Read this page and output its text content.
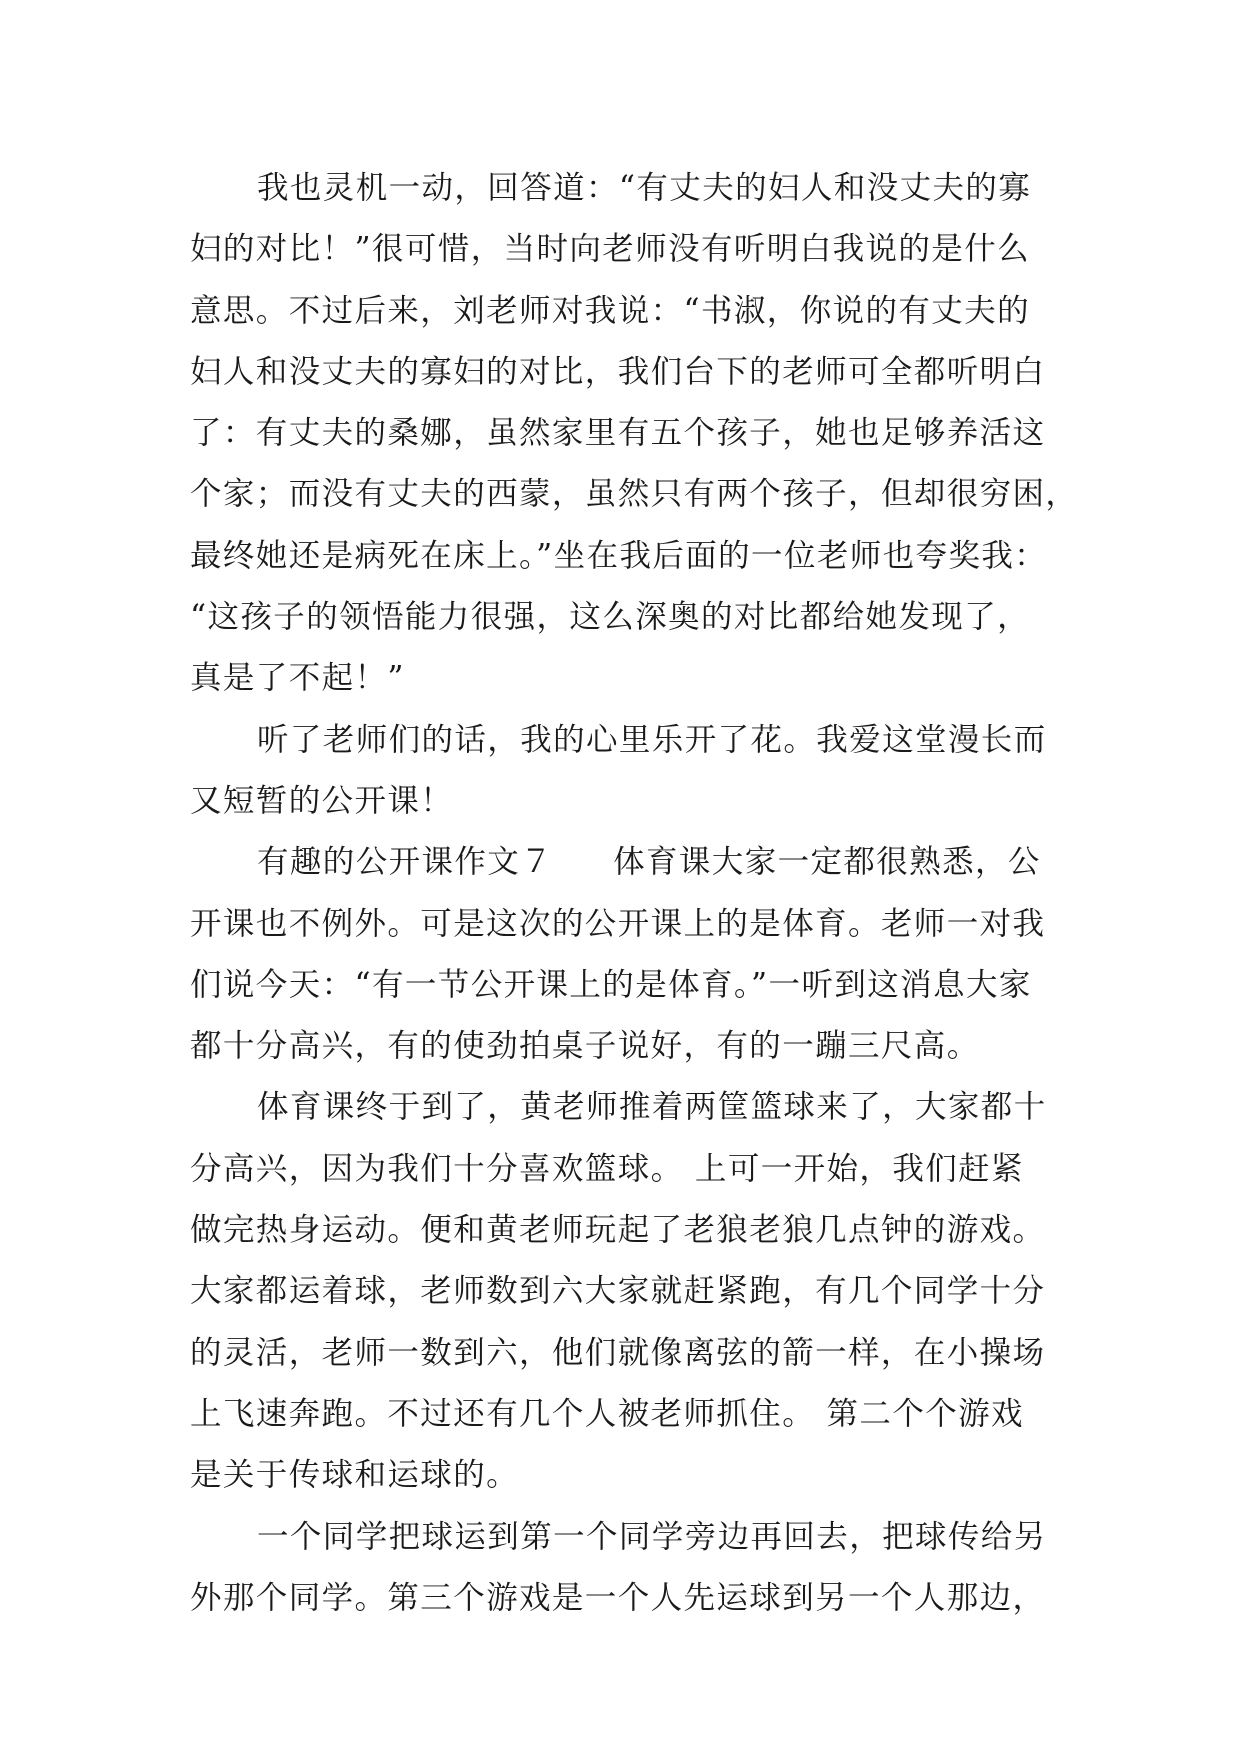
我也灵机一动，回答道：“有丈夫的妇人和没丈夫的寡
妇的对比！”很可惜，当时向老师没有听明白我说的是什么
意思。不过后来，刘老师对我说：“书淑，你说的有丈夫的
妇人和没丈夫的寡妇的对比，我们台下的老师可全都听明白
了：有丈夫的桑娜，虽然家里有五个孩子，她也足够养活这
个家；而没有丈夫的西蒙，虽然只有两个孩子，但却很穷困，
最终她还是病死在床上。”坐在我后面的一位老师也夸奖我：
“这孩子的领悟能力很强，这么深奥的对比都给她发现了，
真是了不起！”
听了老师们的话，我的心里乐开了花。我爱这堂漫长而
又短暂的公开课！
有趣的公开课作文７ 体育课大家一定都很熟悉，公
开课也不例外。可是这次的公开课上的是体育。老师一对我
们说今天：“有一节公开课上的是体育。”一听到这消息大家
都十分高兴，有的使劲拍桌子说好，有的一蹦三尺高。
体育课终于到了，黄老师推着两筐篮球来了，大家都十
分高兴，因为我们十分喜欢篮球。 上可一开始，我们赶紧
做完热身运动。便和黄老师玩起了老狼老狼几点钟的游戏。
大家都运着球，老师数到六大家就赶紧跑，有几个同学十分
的灵活，老师一数到六，他们就像离弦的箭一样，在小操场
上飞速奔跑。不过还有几个人被老师抓住。 第二个个游戏
是关于传球和运球的。
一个同学把球运到第一个同学旁边再回去，把球传给另
外那个同学。第三个游戏是一个人先运球到另一个人那边，
